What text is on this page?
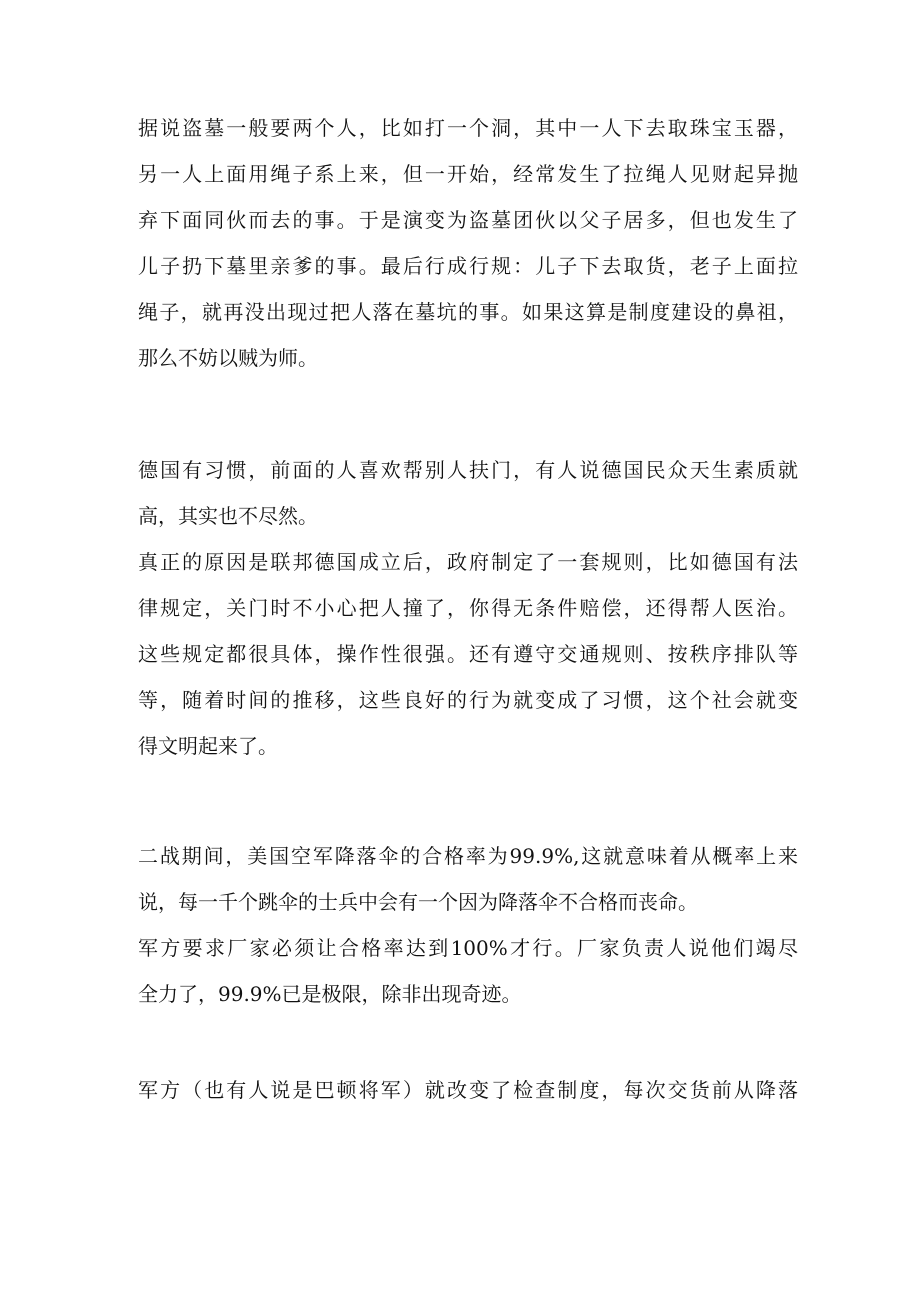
据说盗墓一般要两个人，比如打一个洞，其中一人下去取珠宝玉器，
另一人上面用绳子系上来，但一开始，经常发生了拉绳人见财起异抛
弃下面同伙而去的事。于是演变为盗墓团伙以父子居多，但也发生了
儿子扔下墓里亲爹的事。最后行成行规：儿子下去取货，老子上面拉
绳子，就再没出现过把人落在墓坑的事。如果这算是制度建设的鼻祖，
那么不妨以贼为师。
德国有习惯，前面的人喜欢帮别人扶门，有人说德国民众天生素质就
高，其实也不尽然。
真正的原因是联邦德国成立后，政府制定了一套规则，比如德国有法
律规定，关门时不小心把人撞了，你得无条件赔偿，还得帮人医治。
这些规定都很具体，操作性很强。还有遵守交通规则、按秩序排队等
等，随着时间的推移，这些良好的行为就变成了习惯，这个社会就变
得文明起来了。
二战期间，美国空军降落伞的合格率为99.9%,这就意味着从概率上来
说，每一千个跳伞的士兵中会有一个因为降落伞不合格而丧命。
军方要求厂家必须让合格率达到100%才行。厂家负责人说他们竭尽
全力了，99.9%已是极限，除非出现奇迹。
军方（也有人说是巴顿将军）就改变了检查制度，每次交货前从降落
